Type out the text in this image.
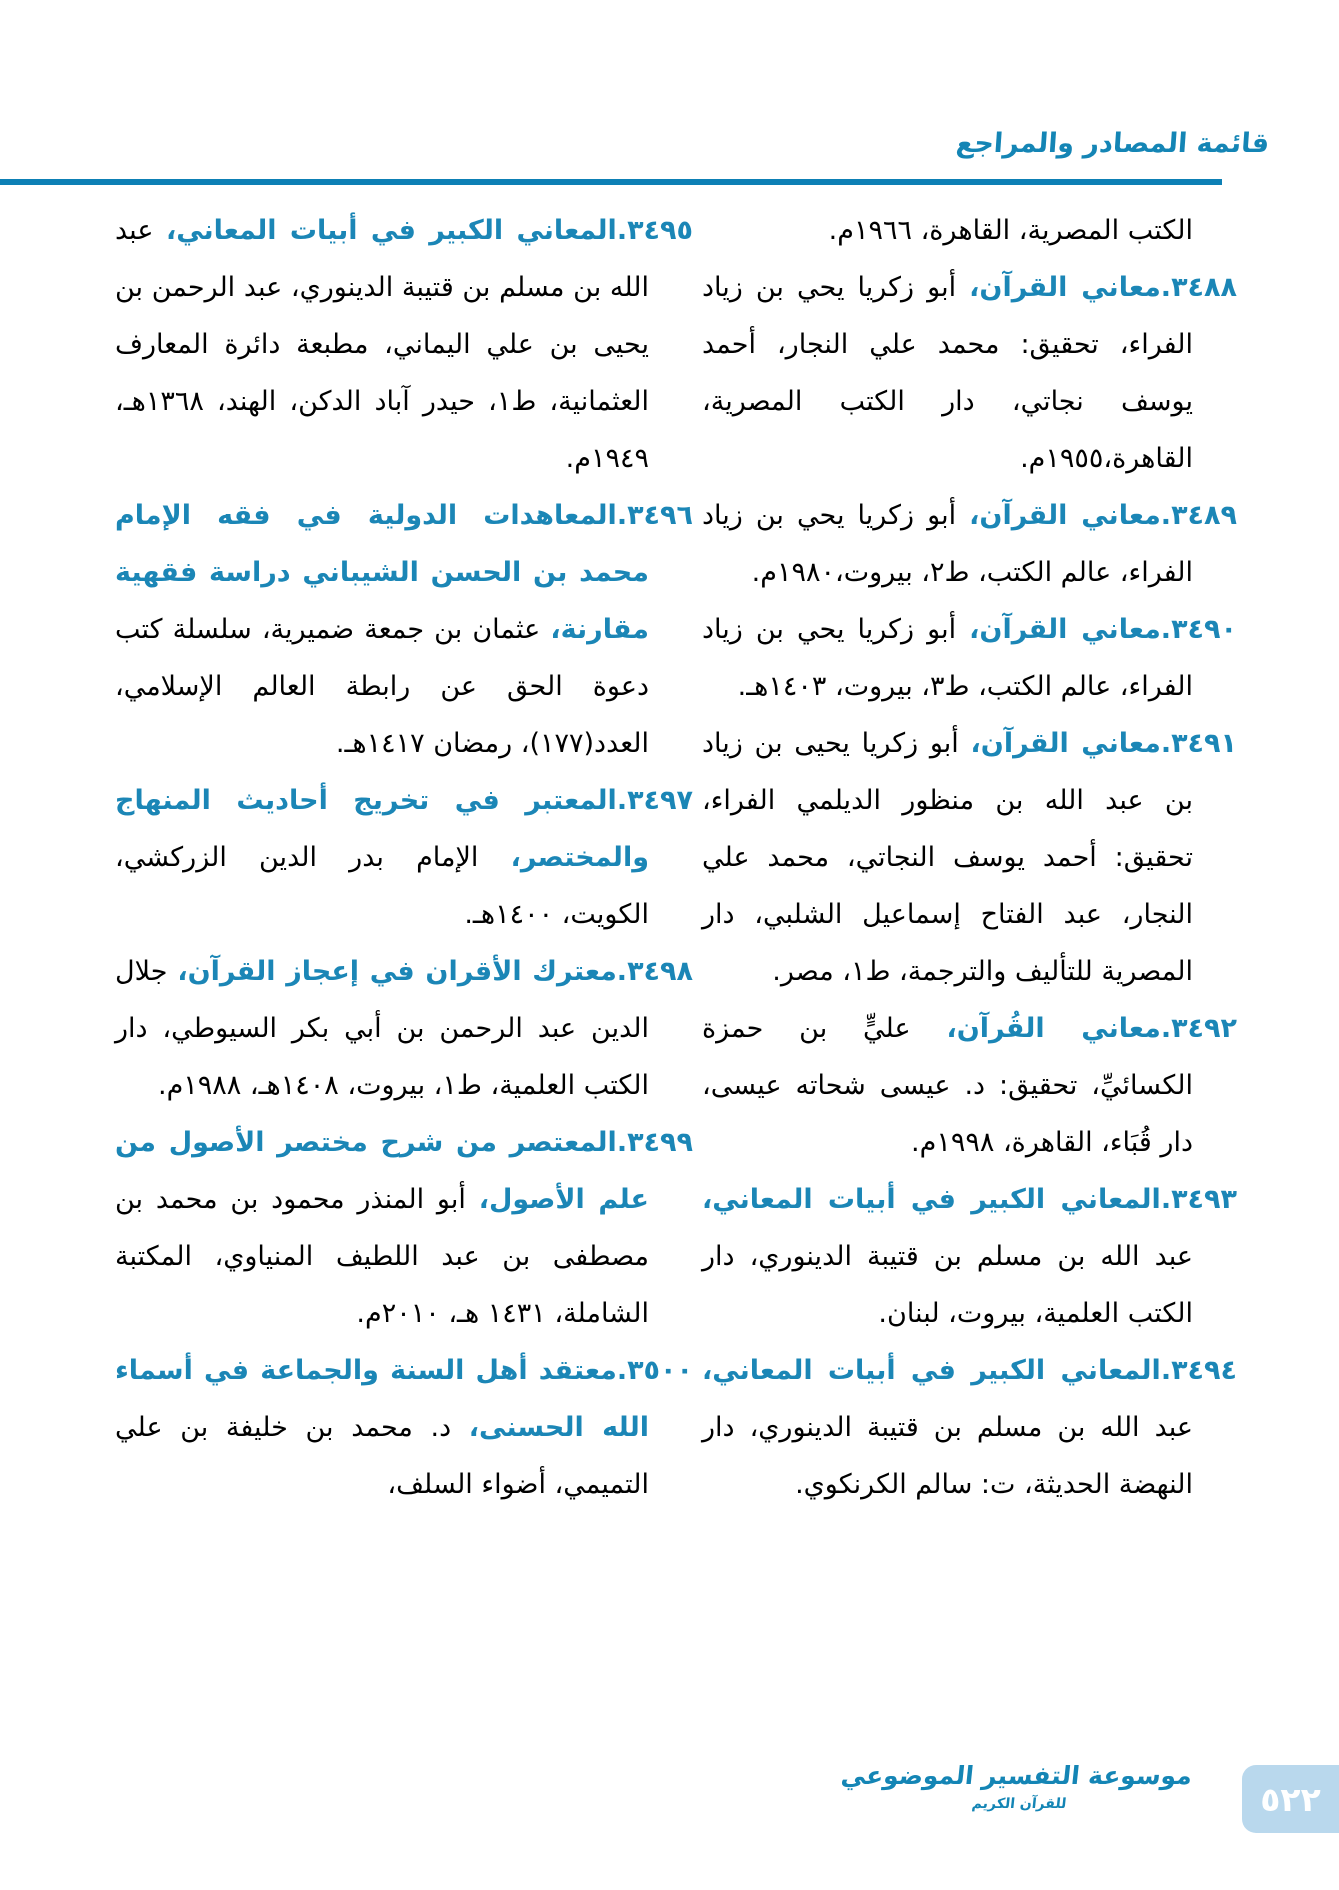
قائمة المصادر والمراجع

الكتب المصرية، القاهرة، ١٩٦٦م.

٣٤٨٨.معاني القرآن، أبو زكريا يحي بن زياد الفراء، تحقيق: محمد علي النجار، أحمد يوسف نجاتي، دار الكتب المصرية، القاهرة،١٩٥٥م.

٣٤٨٩.معاني القرآن، أبو زكريا يحي بن زياد الفراء، عالم الكتب، ط٢، بيروت،١٩٨٠م.

٣٤٩٠.معاني القرآن، أبو زكريا يحي بن زياد الفراء، عالم الكتب، ط٣، بيروت، ١٤٠٣هـ.

٣٤٩١.معاني القرآن، أبو زكريا يحيى بن زياد بن عبد الله بن منظور الديلمي الفراء، تحقيق: أحمد يوسف النجاتي، محمد علي النجار، عبد الفتاح إسماعيل الشلبي، دار المصرية للتأليف والترجمة، ط١، مصر.

٣٤٩٢.معاني القُرآن، عليٍّ بن حمزة الكسائيِّ، تحقيق: د. عيسى شحاته عيسى، دار قُبَاء، القاهرة، ١٩٩٨م.

٣٤٩٣.المعاني الكبير في أبيات المعاني، عبد الله بن مسلم بن قتيبة الدينوري، دار الكتب العلمية، بيروت، لبنان.

٣٤٩٤.المعاني الكبير في أبيات المعاني، عبد الله بن مسلم بن قتيبة الدينوري، دار النهضة الحديثة، ت: سالم الكرنكوي.

٣٤٩٥.المعاني الكبير في أبيات المعاني، عبد الله بن مسلم بن قتيبة الدينوري، عبد الرحمن بن يحيى بن علي اليماني، مطبعة دائرة المعارف العثمانية، ط١، حيدر آباد الدكن، الهند، ١٣٦٨هـ، ١٩٤٩م.

٣٤٩٦.المعاهدات الدولية في فقه الإمام محمد بن الحسن الشيباني دراسة فقهية مقارنة، عثمان بن جمعة ضميرية، سلسلة كتب دعوة الحق عن رابطة العالم الإسلامي، العدد(١٧٧)، رمضان ١٤١٧هـ.

٣٤٩٧.المعتبر في تخريج أحاديث المنهاج والمختصر، الإمام بدر الدين الزركشي، الكويت، ١٤٠٠هـ.

٣٤٩٨.معترك الأقران في إعجاز القرآن، جلال الدين عبد الرحمن بن أبي بكر السيوطي، دار الكتب العلمية، ط١، بيروت، ١٤٠٨هـ، ١٩٨٨م.

٣٤٩٩.المعتصر من شرح مختصر الأصول من علم الأصول، أبو المنذر محمود بن محمد بن مصطفى بن عبد اللطيف المنياوي، المكتبة الشاملة، ١٤٣١ هـ، ٢٠١٠م.

٣٥٠٠.معتقد أهل السنة والجماعة في أسماء الله الحسنى، د. محمد بن خليفة بن علي التميمي، أضواء السلف،

موسوعة التفسير الموضوعي
للقرآن الكريم	٥٢٢
